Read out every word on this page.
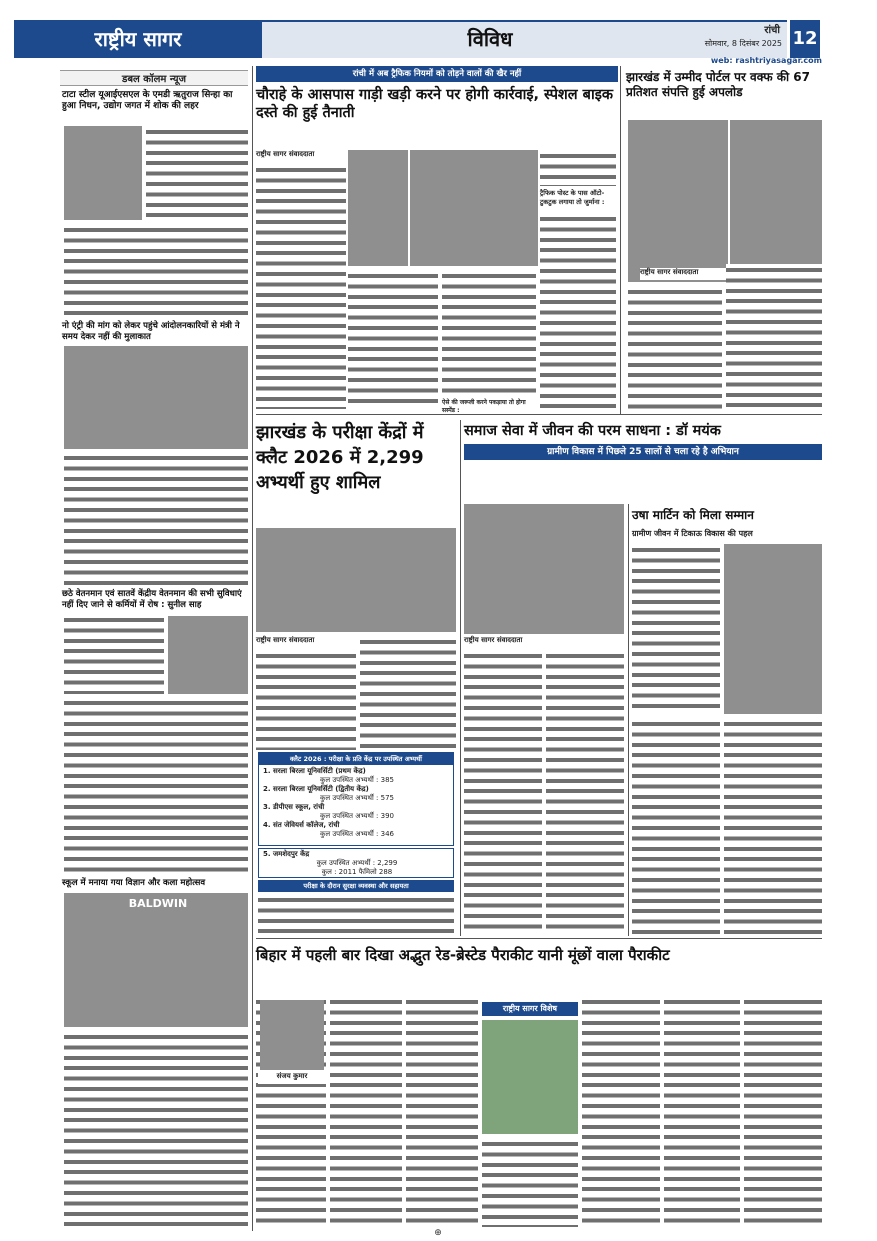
राष्ट्रीय सागर	विविध	रांची
सोमवार, 8 दिसंबर 2025 12
web: rashtriyasagar.com
डबल कॉलम न्यूज
टाटा स्टील यूआईएसएल के एमडी ऋतुराज सिन्हा का हुआ निधन, उद्योग जगत में शोक की लहर
नो एंट्री की मांग को लेकर पहुंचे आंदोलनकारियों से मंत्री ने समय देकर नहीं की मुलाकात
छठे वेतनमान एवं सातवें केंद्रीय वेतनमान की सभी सुविधाएं नहीं दिए जाने से कर्मियों में रोष : सुनील साह
स्कूल में मनाया गया विज्ञान और कला महोत्सव
BALDWIN
रांची में अब ट्रैफिक नियमों को तोड़ने वालों की खैर नहीं
चौराहे के आसपास गाड़ी खड़ी करने पर होगी कार्रवाई, स्पेशल बाइक दस्ते की हुई तैनाती
राष्ट्रीय सागर संवाददाता
ऐसे की जरूली करने पकड़ाया तो होगा सस्पेंड :
ट्रैफिक पोस्ट के पास ऑटो-टुकटुक लगाया तो जुर्माना :
झारखंड में उम्मीद पोर्टल पर वक्फ की 67 प्रतिशत संपत्ति हुई अपलोड
राष्ट्रीय सागर संवाददाता
झारखंड के परीक्षा केंद्रों में क्लैट 2026 में 2,299 अभ्यर्थी हुए शामिल
राष्ट्रीय सागर संवाददाता
क्लैट 2026 : परीक्षा के प्रति केंद्र पर उपस्थित अभ्यर्थी
1. सरला बिरला यूनिवर्सिटी (प्रथम केंद्र)
कुल उपस्थित अभ्यर्थी : 385
2. सरला बिरला यूनिवर्सिटी (द्वितीय केंद्र)
कुल उपस्थित अभ्यर्थी : 575
3. डीपीएस स्कूल, रांची
कुल उपस्थित अभ्यर्थी : 390
4. संत जेवियर्स कॉलेज, रांची
कुल उपस्थित अभ्यर्थी : 346
5. जमशेदपुर केंद्र
कुल उपस्थित अभ्यर्थी : 2,299
कुल : 2011 फैमिलो 288
परीक्षा के दौरान सुरक्षा व्यवस्था और सहायता
समाज सेवा में जीवन की परम साधना : डॉ मयंक
ग्रामीण विकास में पिछले 25 सालों से चला रहे है अभियान
राष्ट्रीय सागर संवाददाता
उषा मार्टिन को मिला सम्मान
ग्रामीण जीवन में टिकाऊ विकास की पहल
बिहार में पहली बार दिखा अद्भुत रेड-ब्रेस्टेड पैराकीट यानी मूंछों वाला पैराकीट
संजय कुमार
राष्ट्रीय सागर विशेष
⊕
